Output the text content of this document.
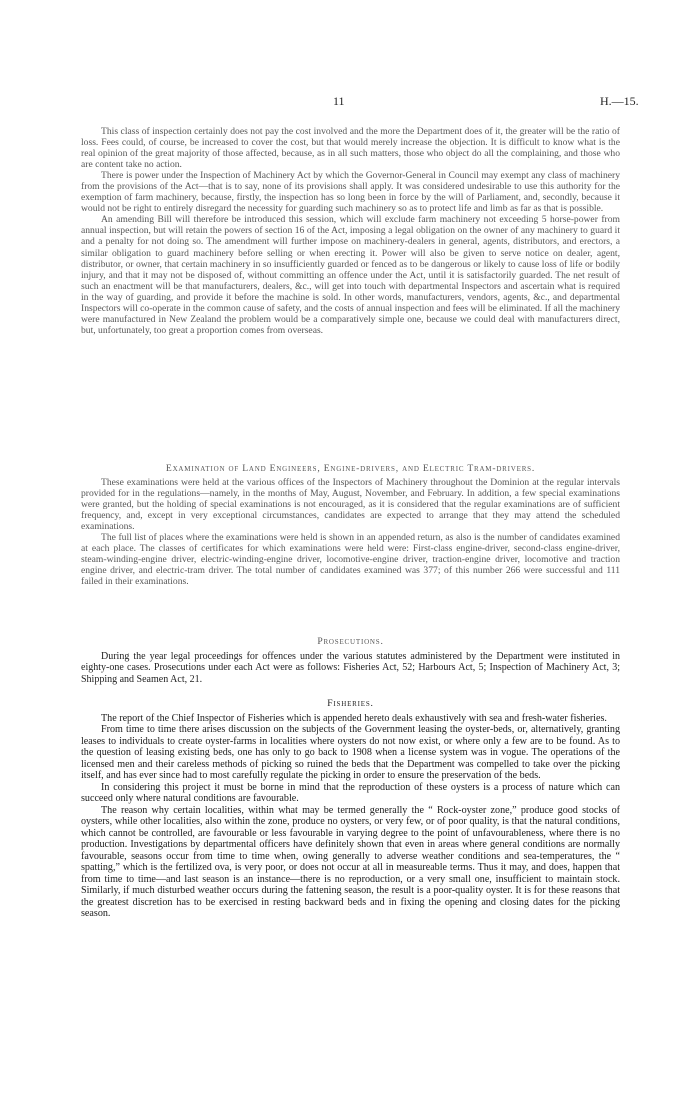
11	H.—15.

This class of inspection certainly does not pay the cost involved and the more the Department does of it, the greater will be the ratio of loss. Fees could, of course, be increased to cover the cost, but that would merely increase the objection. It is difficult to know what is the real opinion of the great majority of those affected, because, as in all such matters, those who object do all the complaining, and those who are content take no action.

There is power under the Inspection of Machinery Act by which the Governor-General in Council may exempt any class of machinery from the provisions of the Act—that is to say, none of its provisions shall apply. It was considered undesirable to use this authority for the exemption of farm machinery, because, firstly, the inspection has so long been in force by the will of Parliament, and, secondly, because it would not be right to entirely disregard the necessity for guarding such machinery so as to protect life and limb as far as that is possible.

An amending Bill will therefore be introduced this session, which will exclude farm machinery not exceeding 5 horse-power from annual inspection, but will retain the powers of section 16 of the Act, imposing a legal obligation on the owner of any machinery to guard it and a penalty for not doing so. The amendment will further impose on machinery-dealers in general, agents, distributors, and erectors, a similar obligation to guard machinery before selling or when erecting it. Power will also be given to serve notice on dealer, agent, distributor, or owner, that certain machinery in so insufficiently guarded or fenced as to be dangerous or likely to cause loss of life or bodily injury, and that it may not be disposed of, without committing an offence under the Act, until it is satisfactorily guarded. The net result of such an enactment will be that manufacturers, dealers, &c., will get into touch with departmental Inspectors and ascertain what is required in the way of guarding, and provide it before the machine is sold. In other words, manufacturers, vendors, agents, &c., and departmental Inspectors will co-operate in the common cause of safety, and the costs of annual inspection and fees will be eliminated. If all the machinery were manufactured in New Zealand the problem would be a comparatively simple one, because we could deal with manufacturers direct, but, unfortunately, too great a proportion comes from overseas.

Examination of Land Engineers, Engine-drivers, and Electric Tram-drivers.

These examinations were held at the various offices of the Inspectors of Machinery throughout the Dominion at the regular intervals provided for in the regulations—namely, in the months of May, August, November, and February. In addition, a few special examinations were granted, but the holding of special examinations is not encouraged, as it is considered that the regular examinations are of sufficient frequency, and, except in very exceptional circumstances, candidates are expected to arrange that they may attend the scheduled examinations.

The full list of places where the examinations were held is shown in an appended return, as also is the number of candidates examined at each place. The classes of certificates for which examinations were held were: First-class engine-driver, second-class engine-driver, steam-winding-engine driver, electric-winding-engine driver, locomotive-engine driver, traction-engine driver, locomotive and traction engine driver, and electric-tram driver. The total number of candidates examined was 377; of this number 266 were successful and 111 failed in their examinations.

Prosecutions.

During the year legal proceedings for offences under the various statutes administered by the Department were instituted in eighty-one cases. Prosecutions under each Act were as follows: Fisheries Act, 52; Harbours Act, 5; Inspection of Machinery Act, 3; Shipping and Seamen Act, 21.

Fisheries.

The report of the Chief Inspector of Fisheries which is appended hereto deals exhaustively with sea and fresh-water fisheries.

From time to time there arises discussion on the subjects of the Government leasing the oyster-beds, or, alternatively, granting leases to individuals to create oyster-farms in localities where oysters do not now exist, or where only a few are to be found. As to the question of leasing existing beds, one has only to go back to 1908 when a license system was in vogue. The operations of the licensed men and their careless methods of picking so ruined the beds that the Department was compelled to take over the picking itself, and has ever since had to most carefully regulate the picking in order to ensure the preservation of the beds.

In considering this project it must be borne in mind that the reproduction of these oysters is a process of nature which can succeed only where natural conditions are favourable.

The reason why certain localities, within what may be termed generally the “ Rock-oyster zone,” produce good stocks of oysters, while other localities, also within the zone, produce no oysters, or very few, or of poor quality, is that the natural conditions, which cannot be controlled, are favourable or less favourable in varying degree to the point of unfavourableness, where there is no production. Investigations by departmental officers have definitely shown that even in areas where general conditions are normally favourable, seasons occur from time to time when, owing generally to adverse weather conditions and sea-temperatures, the “ spatting,” which is the fertilized ova, is very poor, or does not occur at all in measureable terms. Thus it may, and does, happen that from time to time—and last season is an instance—there is no reproduction, or a very small one, insufficient to maintain stock. Similarly, if much disturbed weather occurs during the fattening season, the result is a poor-quality oyster. It is for these reasons that the greatest discretion has to be exercised in resting backward beds and in fixing the opening and closing dates for the picking season.
